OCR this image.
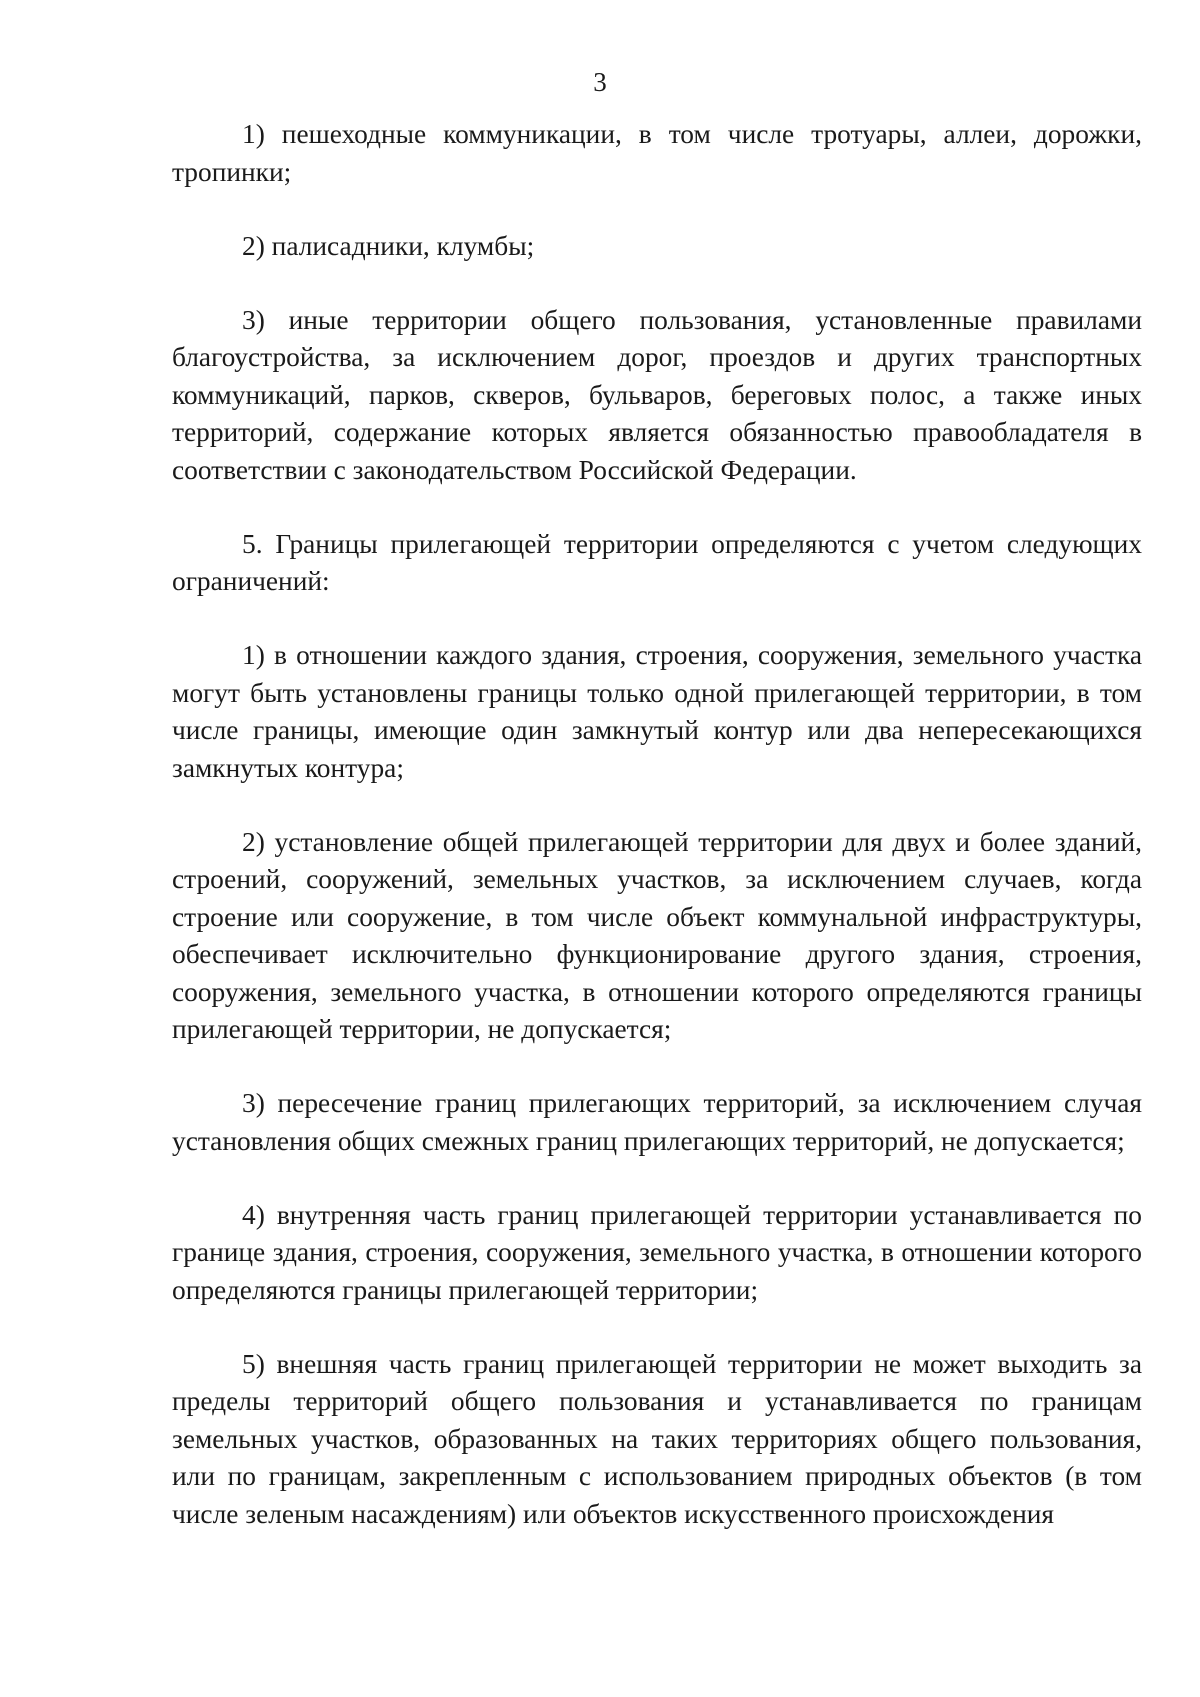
3

1) пешеходные коммуникации, в том числе тротуары, аллеи, дорожки, тропинки;

2) палисадники, клумбы;

3) иные территории общего пользования, установленные правилами благоустройства, за исключением дорог, проездов и других транспортных коммуникаций, парков, скверов, бульваров, береговых полос, а также иных территорий, содержание которых является обязанностью правообладателя в соответствии с законодательством Российской Федерации.

5. Границы прилегающей территории определяются с учетом следующих ограничений:

1) в отношении каждого здания, строения, сооружения, земельного участка могут быть установлены границы только одной прилегающей территории, в том числе границы, имеющие один замкнутый контур или два непересекающихся замкнутых контура;

2) установление общей прилегающей территории для двух и более зданий, строений, сооружений, земельных участков, за исключением случаев, когда строение или сооружение, в том числе объект коммунальной инфраструктуры, обеспечивает исключительно функционирование другого здания, строения, сооружения, земельного участка, в отношении которого определяются границы прилегающей территории, не допускается;

3) пересечение границ прилегающих территорий, за исключением случая установления общих смежных границ прилегающих территорий, не допускается;

4) внутренняя часть границ прилегающей территории устанавливается по границе здания, строения, сооружения, земельного участка, в отношении которого определяются границы прилегающей территории;

5) внешняя часть границ прилегающей территории не может выходить за пределы территорий общего пользования и устанавливается по границам земельных участков, образованных на таких территориях общего пользования, или по границам, закрепленным с использованием природных объектов (в том числе зеленым насаждениям) или объектов искусственного происхождения
